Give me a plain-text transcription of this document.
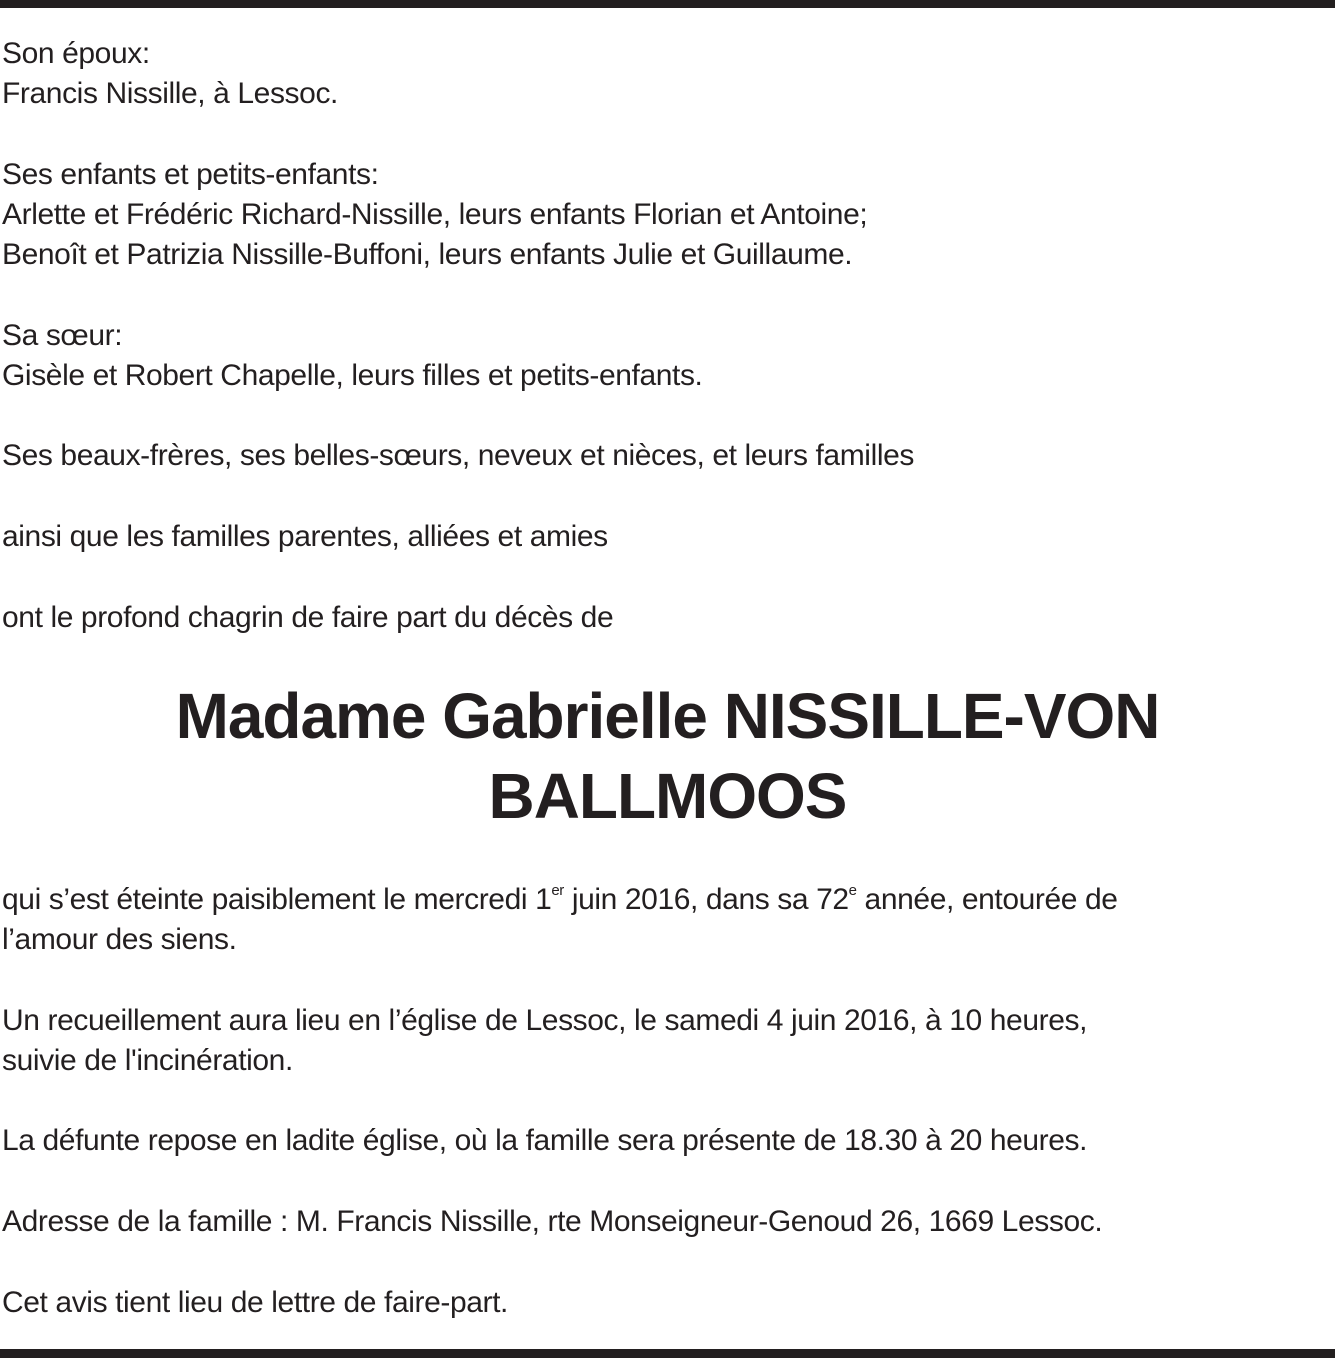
Son époux:

Francis Nissille, à Lessoc.

Ses enfants et petits-enfants:

Arlette et Frédéric Richard-Nissille, leurs enfants Florian et Antoine;

Benoît et Patrizia Nissille-Buffoni, leurs enfants Julie et Guillaume.

Sa sœur:

Gisèle et Robert Chapelle, leurs filles et petits-enfants.

Ses beaux-frères, ses belles-sœurs, neveux et nièces, et leurs familles

ainsi que les familles parentes, alliées et amies

ont le profond chagrin de faire part du décès de

Madame Gabrielle NISSILLE-VON
BALLMOOS

qui s’est éteinte paisiblement le mercredi 1er juin 2016, dans sa 72e année, entourée de

l’amour des siens.

Un recueillement aura lieu en l’église de Lessoc, le samedi 4 juin 2016, à 10 heures,

suivie de l'incinération.

La défunte repose en ladite église, où la famille sera présente de 18.30 à 20 heures.

Adresse de la famille : M. Francis Nissille, rte Monseigneur-Genoud 26, 1669 Lessoc.

Cet avis tient lieu de lettre de faire-part.
